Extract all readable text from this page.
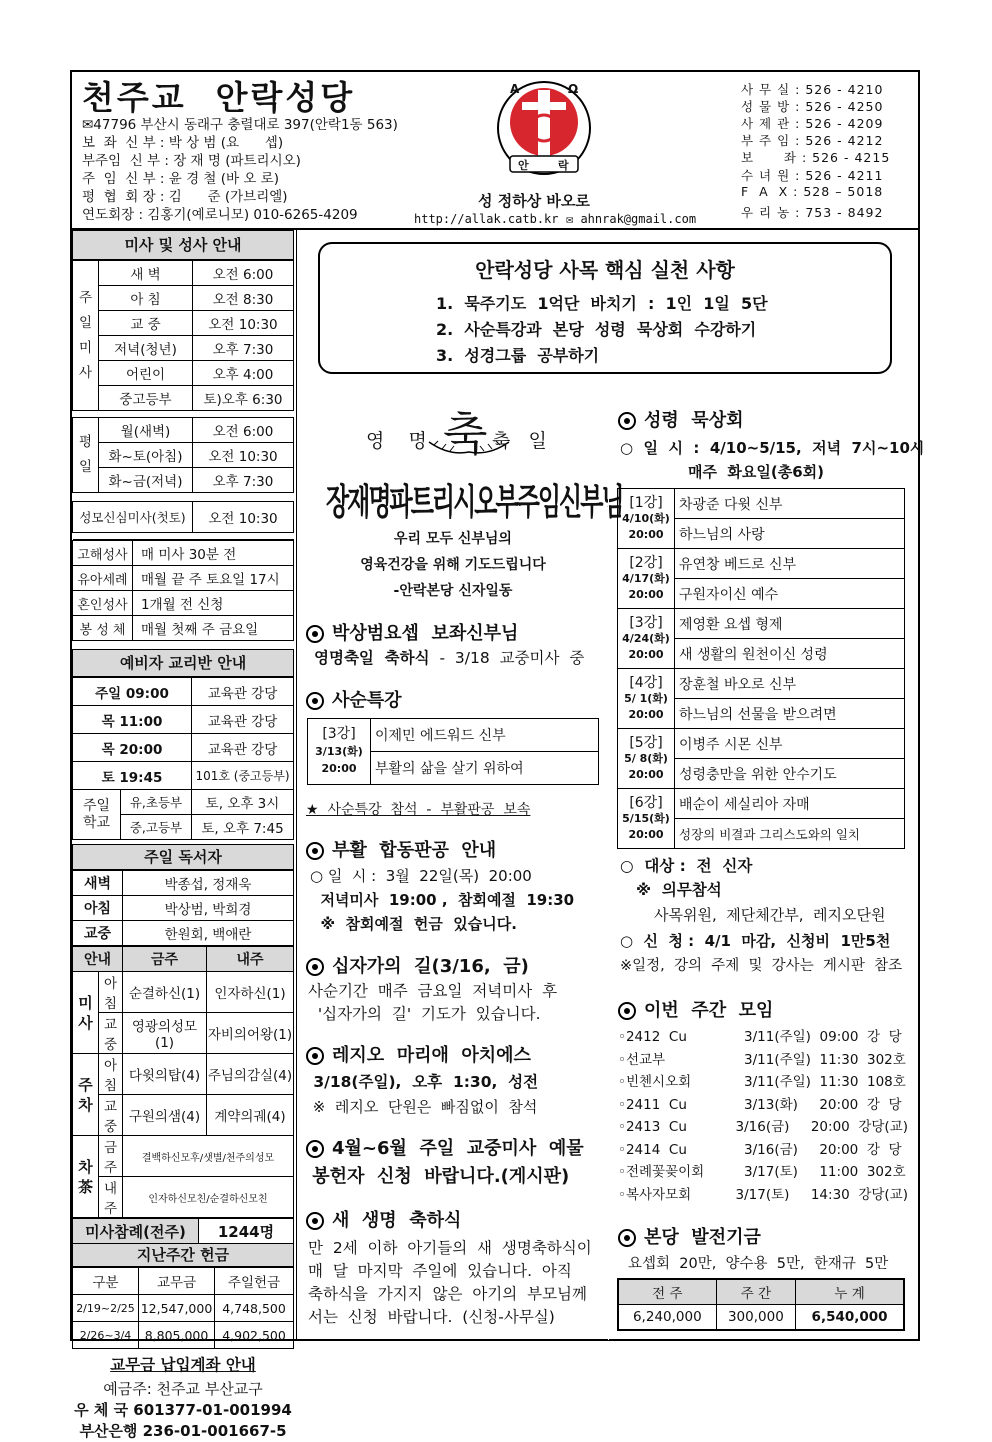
천주교  안락성당
✉47796 부산시 동래구 충렬대로 397(안락1동 563)
보  좌  신 부 : 박 상 범 (요      셉)
부주임  신 부 : 장 재 명 (파트리시오)
주  임  신 부 : 윤 경 철 (바 오 로)
평  협  회 장 : 김      준 (가브리엘)
연도회장 : 김홍기(예로니모) 010-6265-4209
A	Ω
안	락
성 정하상 바오로
http://allak.catb.kr ✉ ahnrak@gmail.com
사 무 실 : 526 - 4210
성 물 방 : 526 - 4250
사 제 관 : 526 - 4209
부 주 임 : 526 - 4212
보      좌 : 526 - 4215
수 녀 원 : 526 - 4211
F  A  X : 528 – 5018
우 리 농 : 753 - 8492
미사 및 성사 안내
주일미사	새 벽	오전 6:00
	아 침	오전 8:30
	교 중	오전 10:30
	저녁(청년)	오후 7:30
	어린이	오후 4:00
	중고등부	토)오후 6:30

평일	월(새벽)	오전 6:00
	화~토(아침)	오전 10:30
	화~금(저녁)	오후 7:30

성모신심미사(첫토)		오전 10:30

고해성사	매 미사 30분 전
유아세례	매월 끝 주 토요일 17시
혼인성사	1개월 전 신청
봉 성 체	매월 첫째 주 금요일
예비자 교리반 안내
주일 09:00		교육관 강당
목 11:00		교육관 강당
목 20:00		교육관 강당
토 19:45		101호 (중고등부)

주일학교	유,초등부	토, 오후 3시
	중,고등부	토, 오후 7:45
주일 독서자
새벽	박종섭, 정재욱
아침	박상범, 박희경
교중	한원회, 백애란
안내		금주	내주

미사	아침	순결하신(1)	인자하신(1)
	교중	영광의성모(1)	자비의어왕(1)

주차	아침	다윗의탑(4)	주님의감실(4)
	교중	구원의샘(4)	계약의궤(4)

차茶	금주	결백하신모후/샛별/천주의성모	
	내주	인자하신모친/순결하신모친	
미사참례(전주)	1244명
지난주간 헌금
구분	교무금	주일헌금
2/19~2/25	12,547,000	4,748,500
2/26~3/4	8,805,000	4,902,500
교무금 납입계좌 안내
예금주: 천주교 부산교구
우 체 국 601377-01-001994
부산은행 236-01-001667-5
안락성당 사목 핵심 실천 사항
1.  묵주기도  1억단  바치기  :  1인  1일  5단
2.  사순특강과  본당  성령  묵상회  수강하기
3.  성경그룹  공부하기
영    명 축 축   일
장재명파트리시오부주임신부님
우리 모두 신부님의
영육건강을 위해 기도드립니다
-안락본당 신자일동
박상범요셉  보좌신부님
영명축일  축하식  -  3/18  교중미사  중
사순특강
[3강]
3/13(화)
20:00
	이제민 에드워드 신부
부활의 삶을 살기 위하여
★  사순특강  참석  -  부활판공  보속
부활  합동판공  안내
○ 일  시 :  3월  22일(목)  20:00
저녁미사  19:00 ,  참회예절  19:30
※  참회예절  헌금  있습니다.
십자가의  길(3/16,  금)
사순기간  매주  금요일  저녁미사  후
'십자가의  길'  기도가  있습니다.
레지오  마리애  아치에스
3/18(주일),  오후  1:30,  성전
※  레지오  단원은  빠짐없이  참석
4월~6월  주일  교중미사  예물
봉헌자  신청  바랍니다.(게시판)
새  생명  축하식
만  2세  이하  아기들의  새  생명축하식이
매  달  마지막  주일에  있습니다.  아직
축하식을  가지지  않은  아기의  부모님께
서는  신청  바랍니다.  (신청-사무실)
성령  묵상회
○  일  시  :  4/10~5/15,  저녁  7시~10시
매주  화요일(총6회)
[1강]
4/10(화)
20:00	차광준 다윗 신부
	하느님의 사랑

[2강]
4/17(화)
20:00	유연창 베드로 신부
	구원자이신 예수

[3강]
4/24(화)
20:00	제영환 요셉 형제
	새 생활의 원천이신 성령

[4강]
5/ 1(화)
20:00	장훈철 바오로 신부
	하느님의 선물을 받으려면

[5강]
5/ 8(화)
20:00	이병주 시몬 신부
	성령충만을 위한 안수기도

[6강]
5/15(화)
20:00	배순이 세실리아 자매
	성장의 비결과 그리스도와의 일치
○  대상 :  전  신자
※  의무참석
사목위원,  제단체간부,  레지오단원
○  신  청 :  4/1  마감,  신청비  1만5천
※일정,  강의  주제  및  강사는  게시판  참조
이번  주간  모임
◦2412  Cu	3/11(주일)  09:00  강  당
◦선교부	3/11(주일)  11:30  302호
◦빈첸시오회	3/11(주일)  11:30  108호
◦2411  Cu	3/13(화)     20:00  강  당
◦2413  Cu	3/16(금)     20:00  강당(교)
◦2414  Cu	3/16(금)     20:00  강  당
◦전례꽃꽂이회	3/17(토)     11:00  302호
◦복사자모회	3/17(토)     14:30  강당(교)
본당  발전기금
요셉회  20만,  양수용  5만,  한재규  5만
전 주	주 간	누 계
6,240,000	300,000	6,540,000
